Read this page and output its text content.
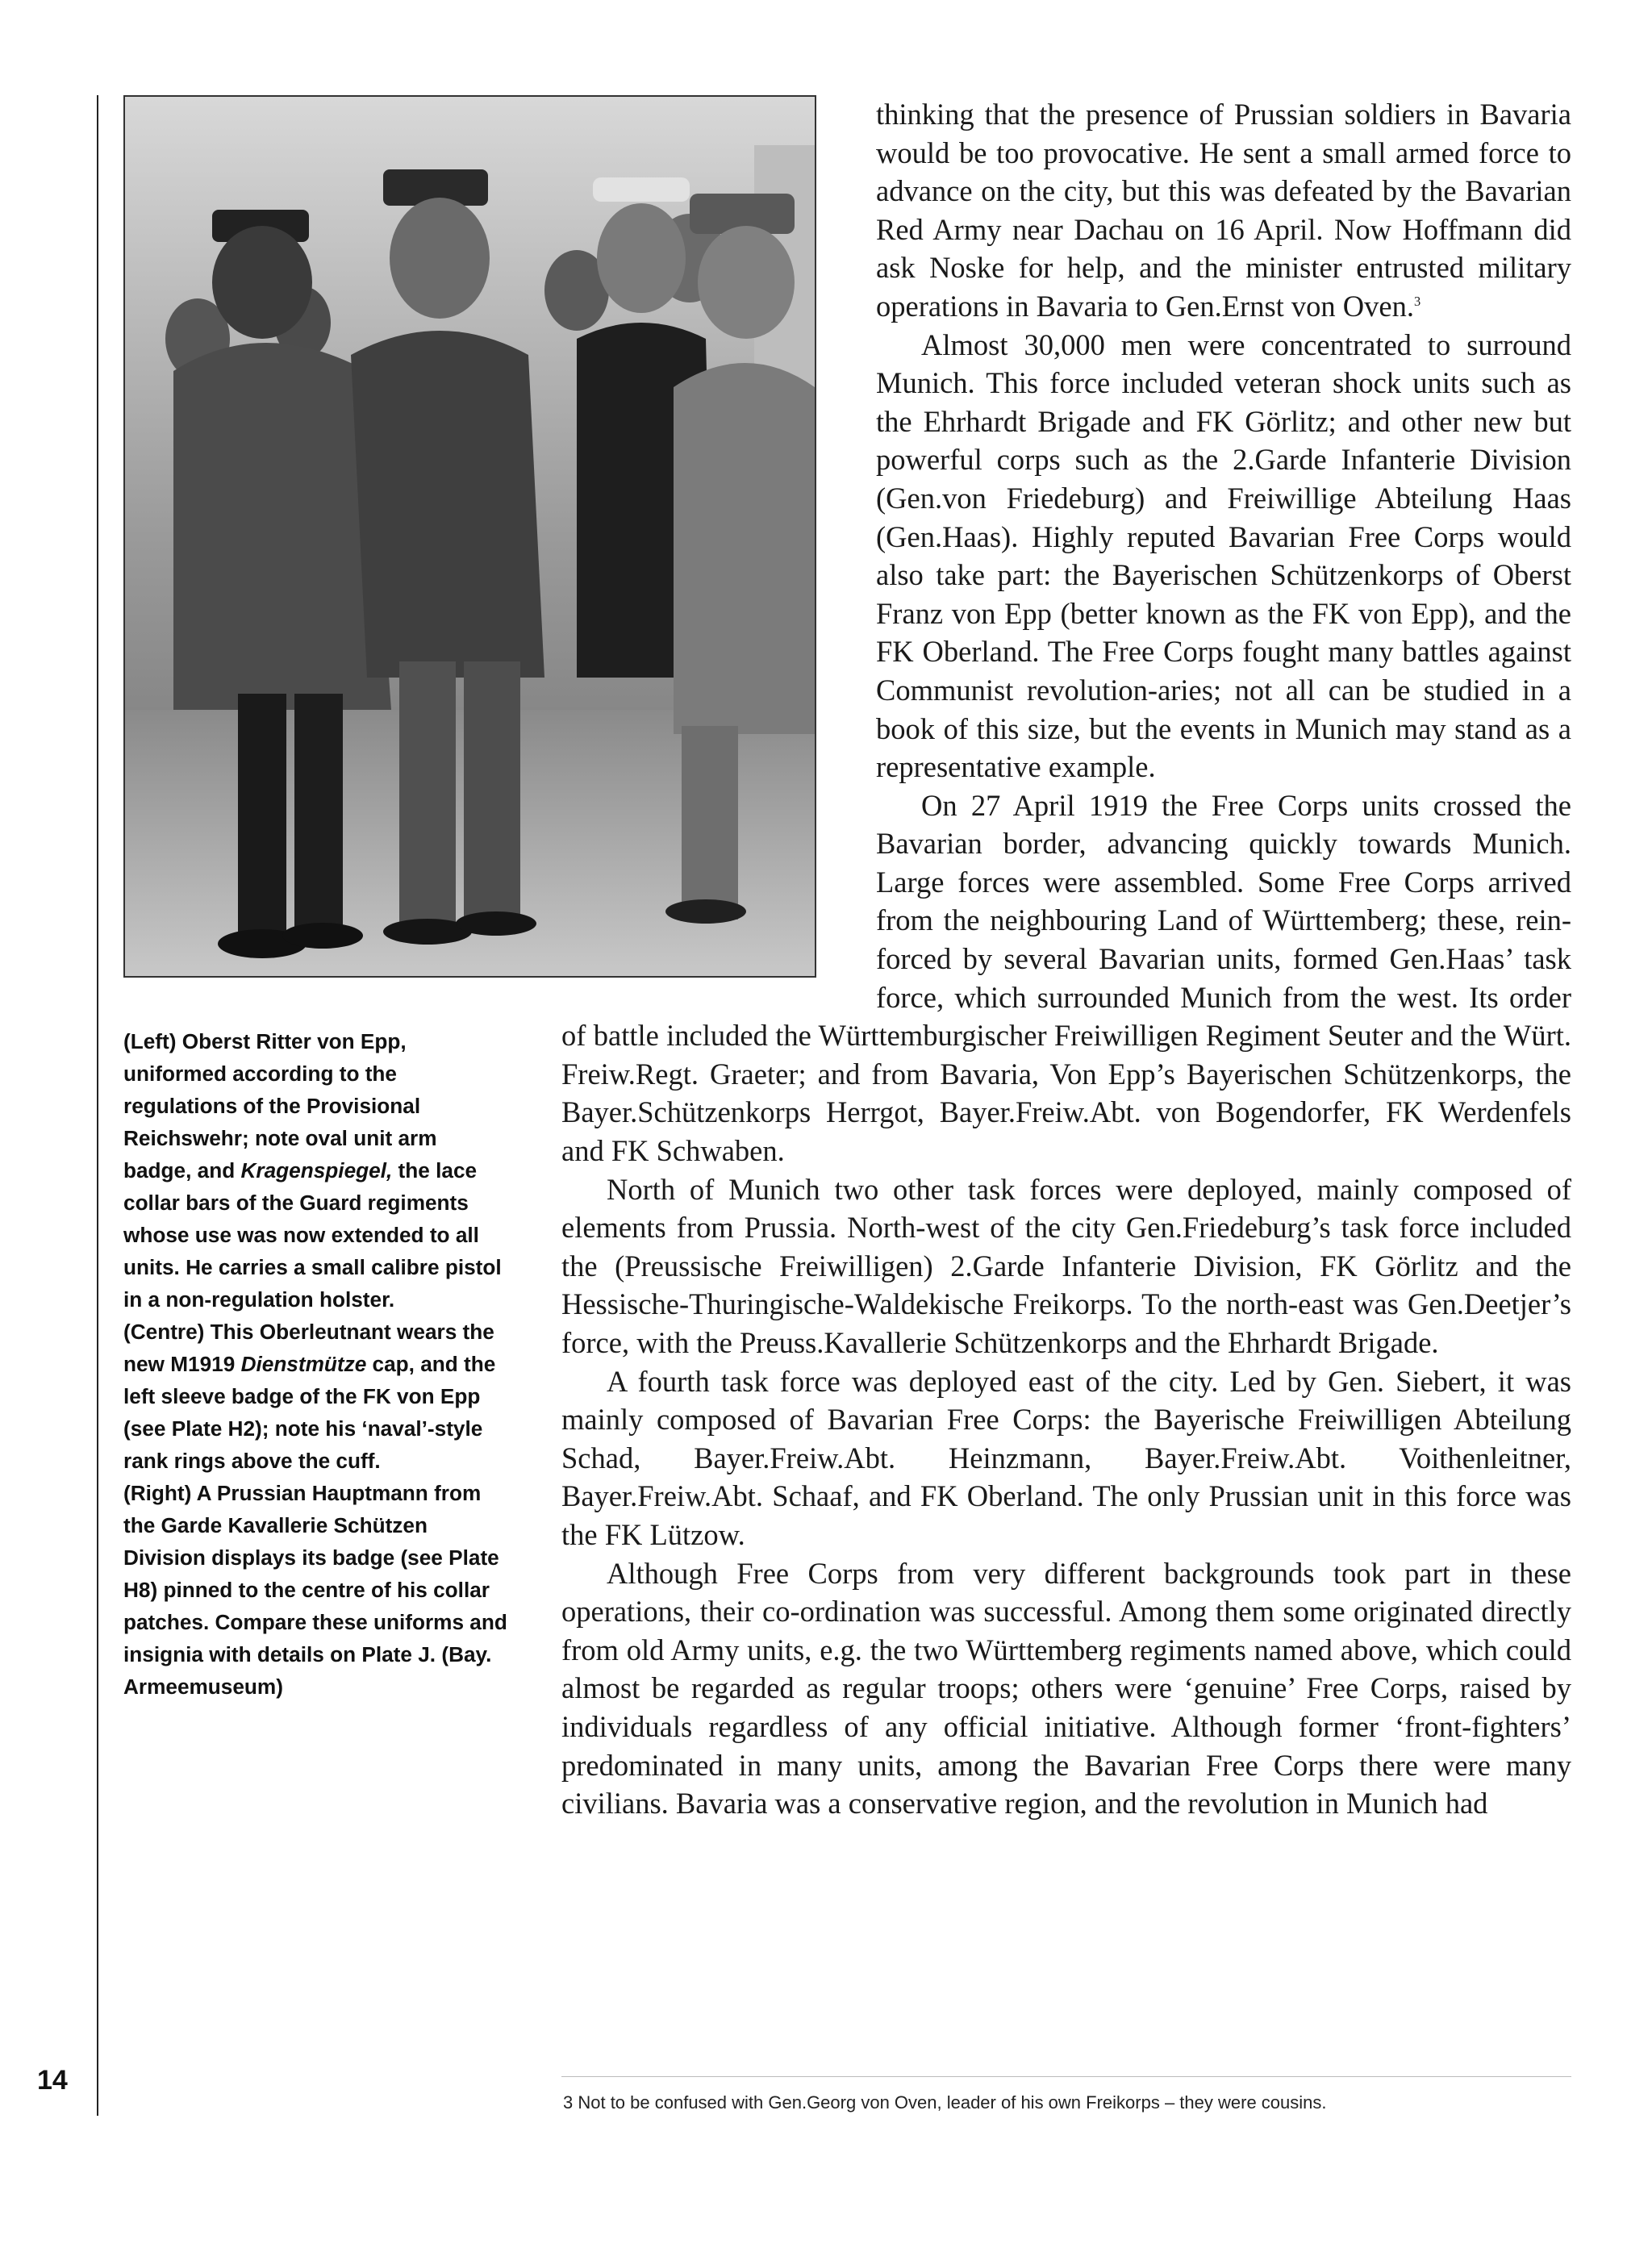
14

(Left) Oberst Ritter von Epp, uniformed according to the regulations of the Provisional Reichswehr; note oval unit arm badge, and Kragenspiegel, the lace collar bars of the Guard regiments whose use was now extended to all units. He carries a small calibre pistol in a non-regulation holster.

(Centre) This Oberleutnant wears the new M1919 Dienstmütze cap, and the left sleeve badge of the FK von Epp (see Plate H2); note his ‘naval’-style rank rings above the cuff.

(Right) A Prussian Hauptmann from the Garde Kavallerie Schützen Division displays its badge (see Plate H8) pinned to the centre of his collar patches. Compare these uniforms and insignia with details on Plate J. (Bay. Armeemuseum)

thinking that the presence of Prussian soldiers in Bavaria would be too provocative. He sent a small armed force to advance on the city, but this was defeated by the Bavarian Red Army near Dachau on 16 April. Now Hoffmann did ask Noske for help, and the minister entrusted military operations in Bavaria to Gen.Ernst von Oven.$^3$

Almost 30,000 men were concentrated to surround Munich. This force included veteran shock units such as the Ehrhardt Brigade and FK Görlitz; and other new but powerful corps such as the 2.Garde Infanterie Division (Gen.von Friedeburg) and Freiwillige Abteilung Haas (Gen.Haas). Highly reputed Bavarian Free Corps would also take part: the Bayerischen Schützenkorps of Oberst Franz von Epp (better known as the FK von Epp), and the FK Oberland. The Free Corps fought many battles against Communist revolution-aries; not all can be studied in a book of this size, but the events in Munich may stand as a representative example.

On 27 April 1919 the Free Corps units crossed the Bavarian border, advancing quickly towards Munich. Large forces were assembled. Some Free Corps arrived from the neighbouring Land of Württemberg; these, reinforced by several Bavarian units, formed Gen.Haas’ task force, which surrounded Munich from the west. Its order of battle included the Württemburgischer Freiwilligen Regiment Seuter and the Würt. Freiw.Regt. Graeter; and from Bavaria, Von Epp’s Bayerischen Schützenkorps, the Bayer.Schützenkorps Herrgot, Bayer.Freiw.Abt. von Bogendorfer, FK Werdenfels and FK Schwaben.

North of Munich two other task forces were deployed, mainly composed of elements from Prussia. North-west of the city Gen.Friedeburg’s task force included the (Preussische Freiwilligen) 2.Garde Infanterie Division, FK Görlitz and the Hessische-Thuringische-Waldekische Freikorps. To the north-east was Gen.Deetjer’s force, with the Preuss.Kavallerie Schützenkorps and the Ehrhardt Brigade.

A fourth task force was deployed east of the city. Led by Gen. Siebert, it was mainly composed of Bavarian Free Corps: the Bayerische Freiwilligen Abteilung Schad, Bayer.Freiw.Abt. Heinzmann, Bayer.Freiw.Abt. Voithenleitner, Bayer.Freiw.Abt. Schaaf, and FK Oberland. The only Prussian unit in this force was the FK Lützow.

Although Free Corps from very different backgrounds took part in these operations, their co-ordination was successful. Among them some originated directly from old Army units, e.g. the two Württemberg regiments named above, which could almost be regarded as regular troops; others were ‘genuine’ Free Corps, raised by individuals regardless of any official initiative. Although former ‘front-fighters’ predominated in many units, among the Bavarian Free Corps there were many civilians. Bavaria was a conservative region, and the revolution in Munich had

3 Not to be confused with Gen.Georg von Oven, leader of his own Freikorps – they were cousins.
